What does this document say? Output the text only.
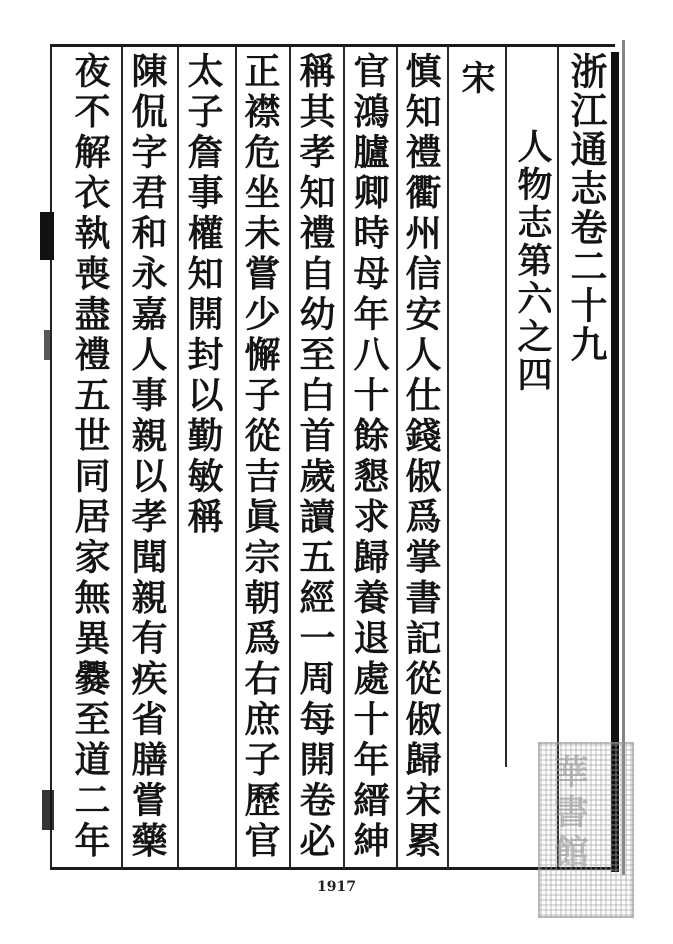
浙江通志卷二十九
人物志第六之四
宋
慎知禮衢州信安人仕錢俶爲掌書記從俶歸宋累
官鴻臚卿時母年八十餘懇求歸養退處十年縉紳
稱其孝知禮自幼至白首歲讀五經一周每開卷必
正襟危坐未嘗少懈子從吉眞宗朝爲右庶子歷官
太子詹事權知開封以勤敏稱
陳侃字君和永嘉人事親以孝聞親有疾省膳嘗藥
夜不解衣執喪盡禮五世同居家無異爨至道二年	華書館
1917
